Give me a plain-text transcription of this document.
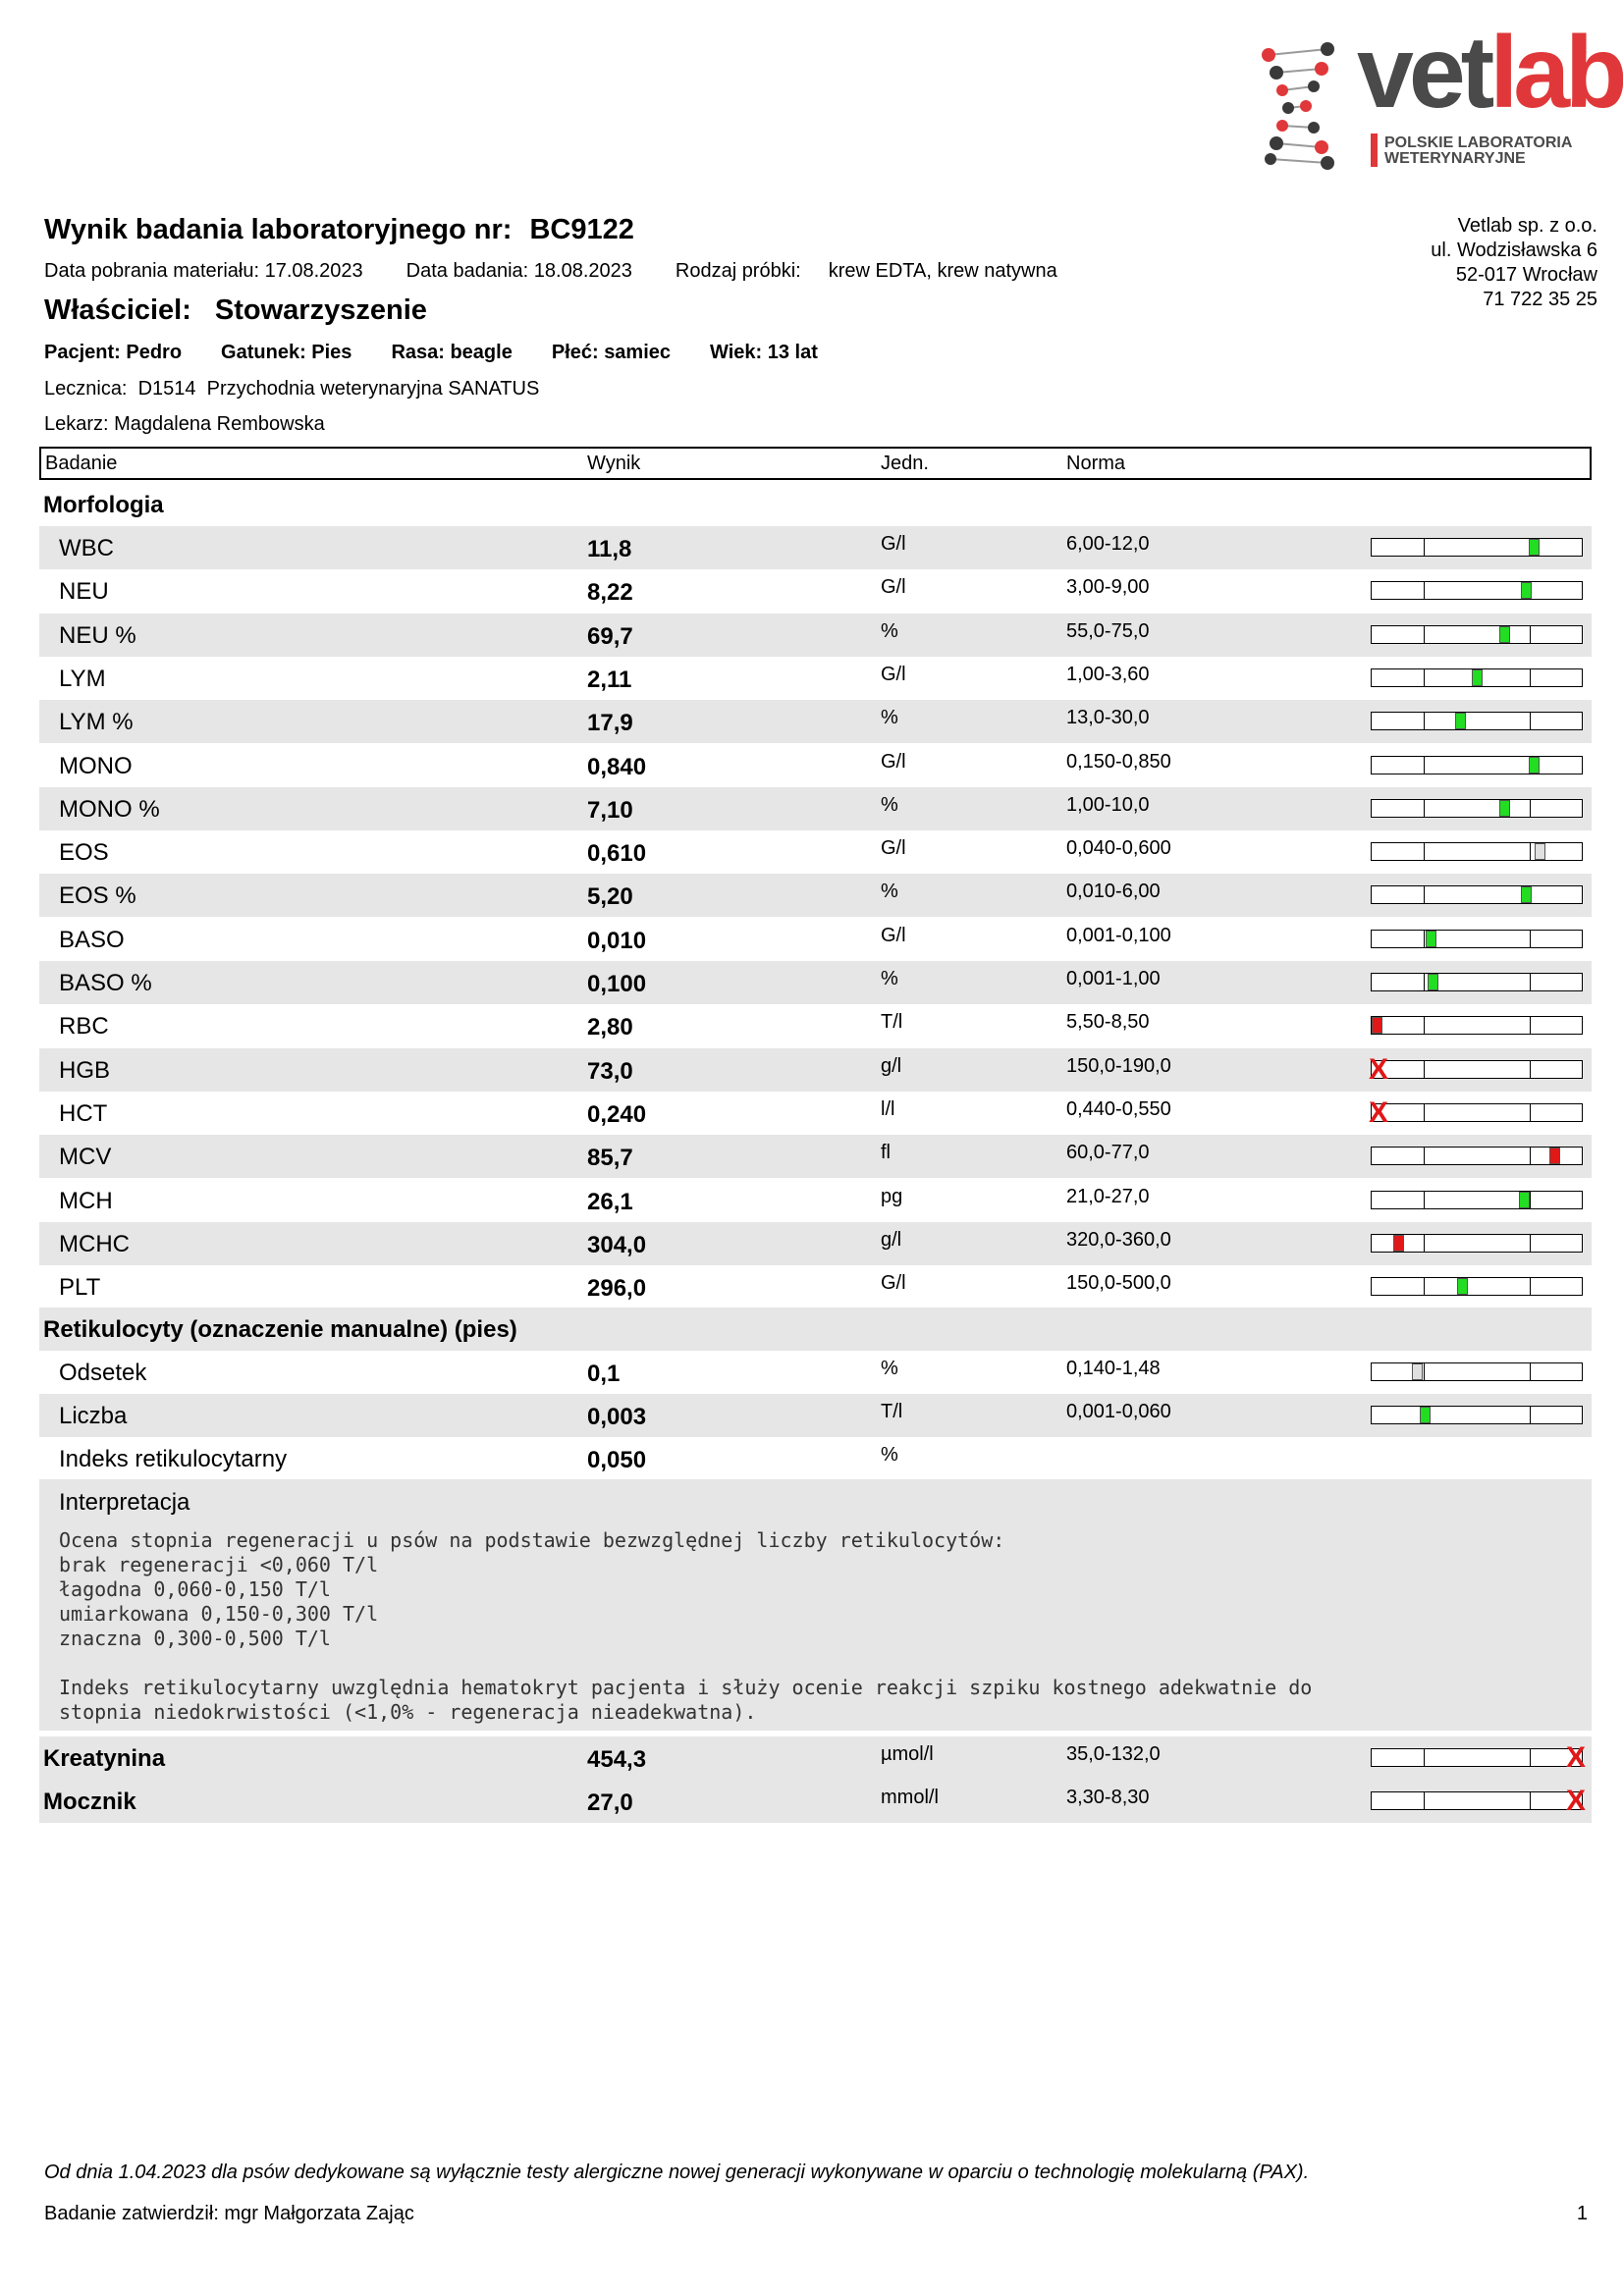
vetlab
POLSKIE LABORATORIA
WETERYNARYJNE
Vetlab sp. z o.o.
ul. Wodzisławska 6
52-017 Wrocław
71 722 35 25
Wynik badania laboratoryjnego nr: BC9122
Data pobrania materiału: 17.08.2023 Data badania: 18.08.2023 Rodzaj próbki: krew EDTA, krew natywna
Właściciel: Stowarzyszenie
Pacjent: Pedro Gatunek: Pies Rasa: beagle Płeć: samiec Wiek: 13 lat
Lecznica:  D1514  Przychodnia weterynaryjna SANATUS
Lekarz: Magdalena Rembowska
Badanie	Wynik	Jedn.	Norma
Morfologia
WBC	11,8	G/l	6,00-12,0
NEU	8,22	G/l	3,00-9,00
NEU %	69,7	%	55,0-75,0
LYM	2,11	G/l	1,00-3,60
LYM %	17,9	%	13,0-30,0
MONO	0,840	G/l	0,150-0,850
MONO %	7,10	%	1,00-10,0
EOS	0,610	G/l	0,040-0,600
EOS %	5,20	%	0,010-6,00
BASO	0,010	G/l	0,001-0,100
BASO %	0,100	%	0,001-1,00
RBC	2,80	T/l	5,50-8,50
HGB	73,0	g/l	150,0-190,0	X
HCT	0,240	l/l	0,440-0,550	X
MCV	85,7	fl	60,0-77,0
MCH	26,1	pg	21,0-27,0
MCHC	304,0	g/l	320,0-360,0
PLT	296,0	G/l	150,0-500,0
Retikulocyty (oznaczenie manualne) (pies)
Odsetek	0,1	%	0,140-1,48
Liczba	0,003	T/l	0,001-0,060
Indeks retikulocytarny	0,050	%
Interpretacja
Ocena stopnia regeneracji u psów na podstawie bezwzględnej liczby retikulocytów:
brak regeneracji <0,060 T/l
łagodna 0,060-0,150 T/l
umiarkowana 0,150-0,300 T/l
znaczna 0,300-0,500 T/l

Indeks retikulocytarny uwzględnia hematokryt pacjenta i służy ocenie reakcji szpiku kostnego adekwatnie do
stopnia niedokrwistości (<1,0% - regeneracja nieadekwatna).
Kreatynina	454,3	µmol/l	35,0-132,0	X
Mocznik	27,0	mmol/l	3,30-8,30	X
Od dnia 1.04.2023 dla psów dedykowane są wyłącznie testy alergiczne nowej generacji wykonywane w oparciu o technologię molekularną (PAX).
Badanie zatwierdził: mgr Małgorzata Zając	1
